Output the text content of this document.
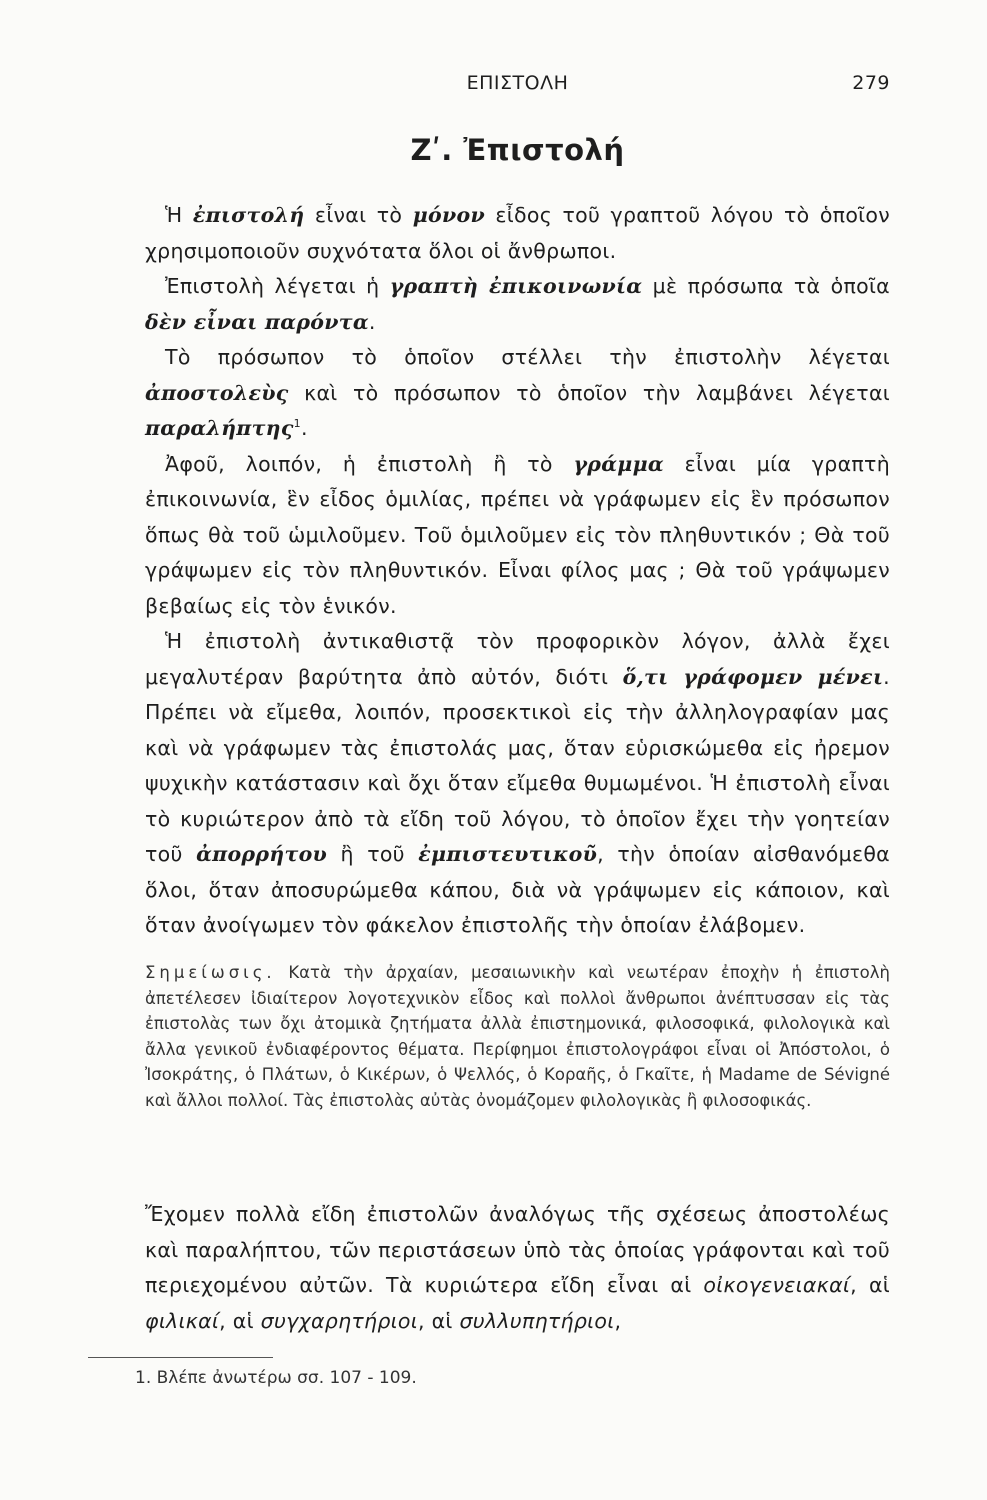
ΕΠΙΣΤΟΛΗ	279
Ζʹ. Ἐπιστολή

Ἡ ἐπιστολή εἶναι τὸ μόνον εἶδος τοῦ γραπτοῦ λόγου τὸ ὁποῖον χρησιμοποιοῦν συχνότατα ὅλοι οἱ ἄνθρωποι.

Ἐπιστολὴ λέγεται ἡ γραπτὴ ἐπικοινωνία μὲ πρόσωπα τὰ ὁποῖα δὲν εἶναι παρόντα.

Τὸ πρόσωπον τὸ ὁποῖον στέλλει τὴν ἐπιστολὴν λέγεται ἀποστολεὺς καὶ τὸ πρόσωπον τὸ ὁποῖον τὴν λαμβάνει λέγεται παραλήπτης$^1$.

Ἀφοῦ, λοιπόν, ἡ ἐπιστολὴ ἢ τὸ γράμμα εἶναι μία γραπτὴ ἐπικοινωνία, ἓν εἶδος ὁμιλίας, πρέπει νὰ γράφωμεν εἰς ἓν πρόσωπον ὅπως θὰ τοῦ ὡμιλοῦμεν. Τοῦ ὁμιλοῦμεν εἰς τὸν πληθυντικόν ; Θὰ τοῦ γράψωμεν εἰς τὸν πληθυντικόν. Εἶναι φίλος μας ; Θὰ τοῦ γράψωμεν βεβαίως εἰς τὸν ἑνικόν.

Ἡ ἐπιστολὴ ἀντικαθιστᾷ τὸν προφορικὸν λόγον, ἀλλὰ ἔχει μεγαλυτέραν βαρύτητα ἀπὸ αὐτόν, διότι ὅ,τι γράφομεν μένει. Πρέπει νὰ εἴμεθα, λοιπόν, προσεκτικοὶ εἰς τὴν ἀλληλογραφίαν μας καὶ νὰ γράφωμεν τὰς ἐπιστολάς μας, ὅταν εὑρισκώμεθα εἰς ἠρεμον ψυχικὴν κατάστασιν καὶ ὄχι ὅταν εἴμεθα θυμωμένοι. Ἡ ἐπιστολὴ εἶναι τὸ κυριώτερον ἀπὸ τὰ εἴδη τοῦ λόγου, τὸ ὁποῖον ἔχει τὴν γοητείαν τοῦ ἀπορρήτου ἢ τοῦ ἐμπιστευτικοῦ, τὴν ὁποίαν αἰσθανόμεθα ὅλοι, ὅταν ἀποσυρώμεθα κάπου, διὰ νὰ γράψωμεν εἰς κάποιον, καὶ ὅταν ἀνοίγωμεν τὸν φάκελον ἐπιστολῆς τὴν ὁποίαν ἐλάβομεν.

Σημείωσις. Κατὰ τὴν ἀρχαίαν, μεσαιωνικὴν καὶ νεωτέραν ἐποχὴν ἡ ἐπιστολὴ ἀπετέλεσεν ἰδιαίτερον λογοτεχνικὸν εἶδος καὶ πολλοὶ ἄνθρωποι ἀνέπτυσσαν εἰς τὰς ἐπιστολὰς των ὄχι ἀτομικὰ ζητήματα ἀλλὰ ἐπιστημονικά, φιλοσοφικά, φιλολογικὰ καὶ ἄλλα γενικοῦ ἐνδιαφέροντος θέματα. Περίφημοι ἐπιστολογράφοι εἶναι οἱ Ἀπόστολοι, ὁ Ἰσοκράτης, ὁ Πλάτων, ὁ Κικέρων, ὁ Ψελλός, ὁ Κοραῆς, ὁ Γκαῖτε, ἡ Madame de Sévigné καὶ ἄλλοι πολλοί. Τὰς ἐπιστολὰς αὐτὰς ὀνομάζομεν φιλολογικὰς ἢ φιλοσοφικάς.

Ἔχομεν πολλὰ εἴδη ἐπιστολῶν ἀναλόγως τῆς σχέσεως ἀποστολέως καὶ παραλήπτου, τῶν περιστάσεων ὑπὸ τὰς ὁποίας γράφονται καὶ τοῦ περιεχομένου αὐτῶν. Τὰ κυριώτερα εἴδη εἶναι αἱ οἰκογενειακαί, αἱ φιλικαί, αἱ συγχαρητήριοι, αἱ συλλυπητήριοι,

1. Βλέπε ἀνωτέρω σσ. 107 - 109.
